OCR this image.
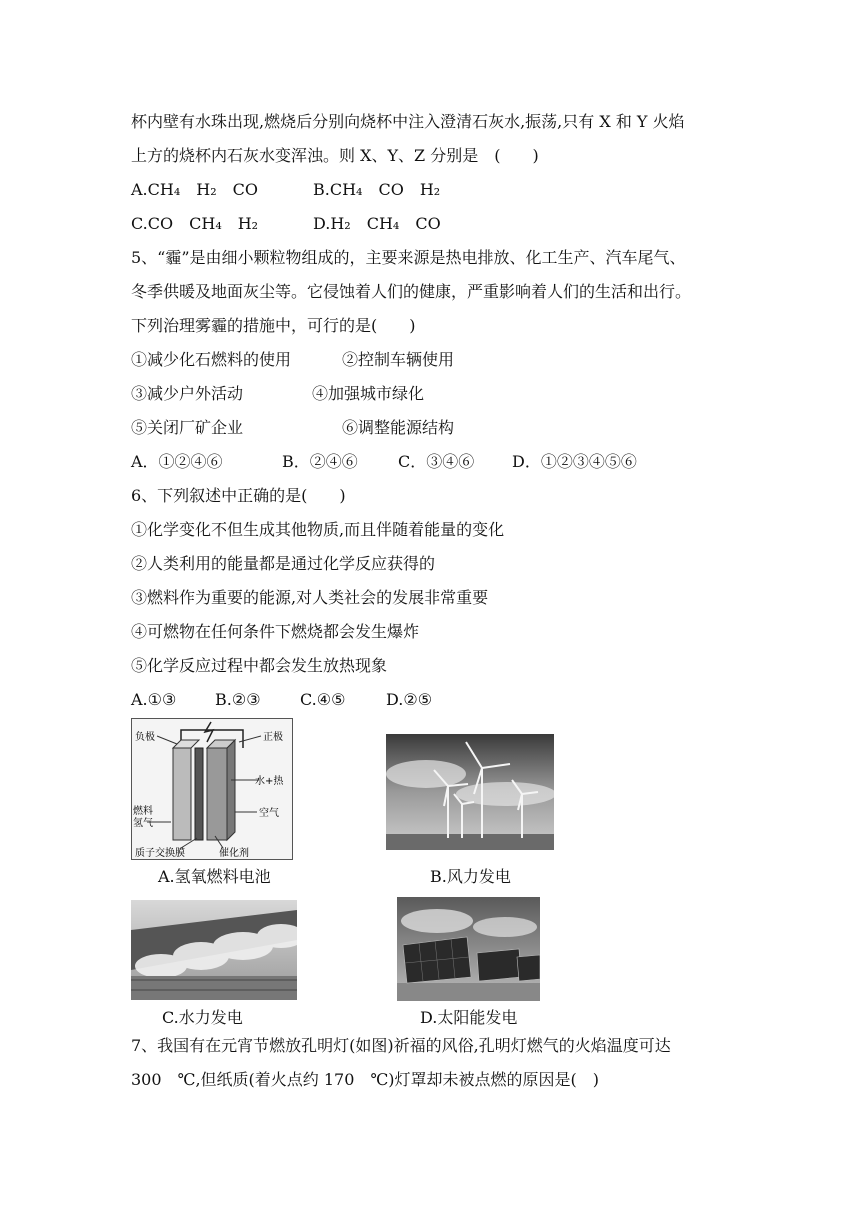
杯内壁有水珠出现,燃烧后分别向烧杯中注入澄清石灰水,振荡,只有 X 和 Y 火焰
上方的烧杯内石灰水变浑浊。则 X、Y、Z 分别是　(　　)
A.CH₄　H₂　CO	B.CH₄　CO　H₂
C.CO　CH₄　H₂	D.H₂　CH₄　CO
5、“霾”是由细小颗粒物组成的，主要来源是热电排放、化工生产、汽车尾气、
冬季供暖及地面灰尘等。它侵蚀着人们的健康，严重影响着人们的生活和出行。
下列治理雾霾的措施中，可行的是(　　)
①减少化石燃料的使用	②控制车辆使用
③减少户外活动	④加强城市绿化
⑤关闭厂矿企业	⑥调整能源结构
A．①②④⑥	B．②④⑥	C．③④⑥ D．①②③④⑤⑥
6、下列叙述中正确的是(　　)
①化学变化不但生成其他物质,而且伴随着能量的变化
②人类利用的能量都是通过化学反应获得的
③燃料作为重要的能源,对人类社会的发展非常重要
④可燃物在任何条件下燃烧都会发生爆炸
⑤化学反应过程中都会发生放热现象
A.①③ B.②③ C.④⑤	D.②⑤
负极	正极
水+热
燃料
氢气
空气
质子交换膜	催化剂
A.氢氧燃料电池	B.风力发电
C.水力发电	D.太阳能发电
7、我国有在元宵节燃放孔明灯(如图)祈福的风俗,孔明灯燃气的火焰温度可达
300　℃,但纸质(着火点约 170　℃)灯罩却未被点燃的原因是(　)
